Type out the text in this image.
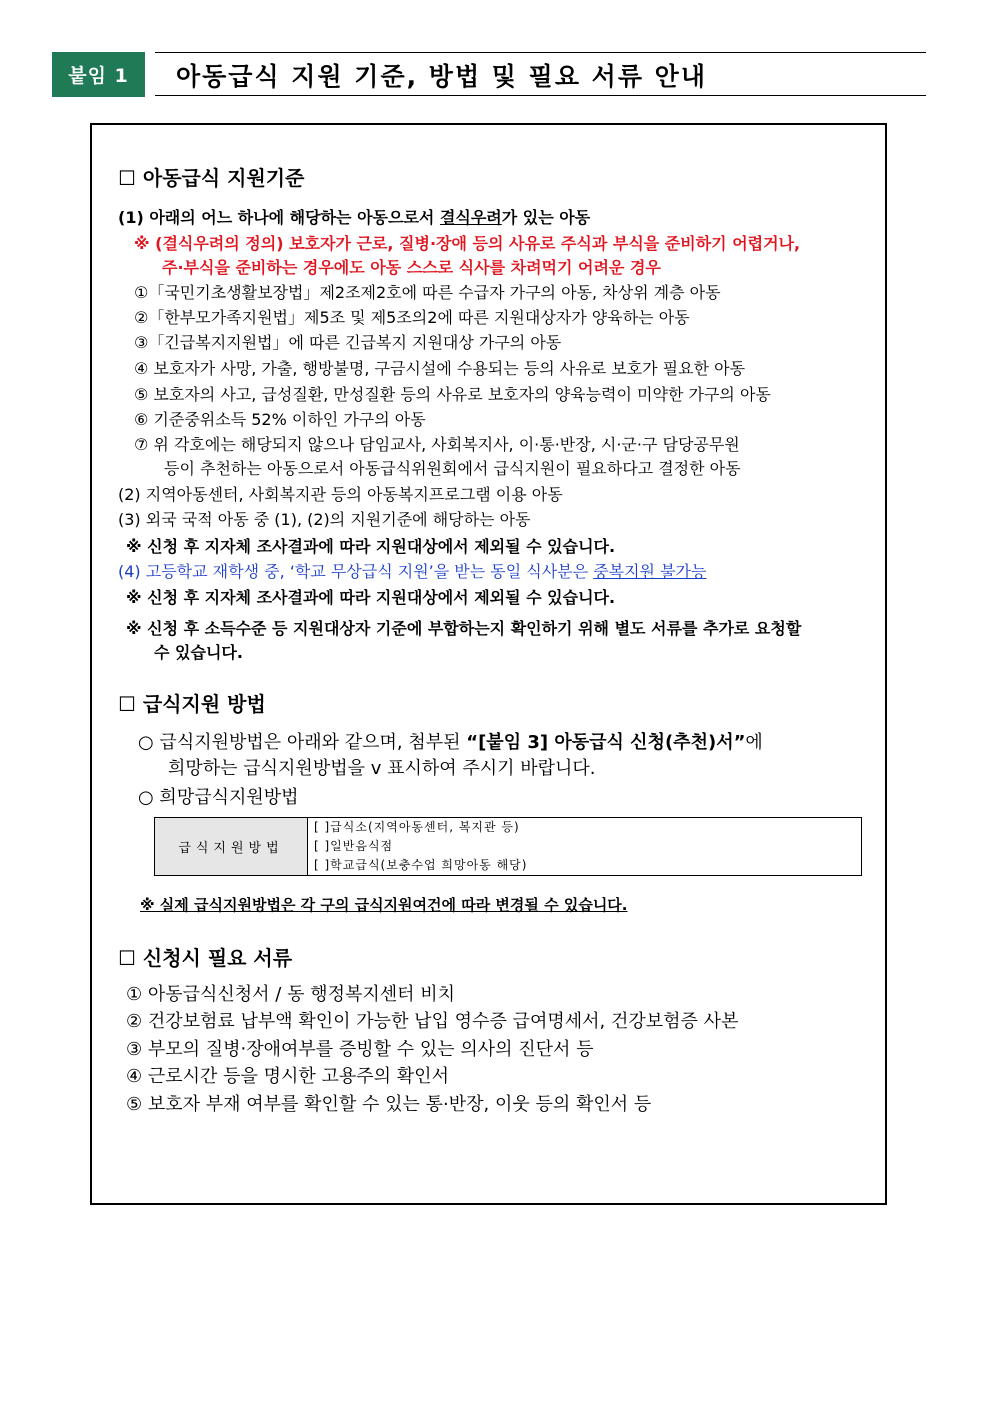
붙임 1	아동급식 지원 기준, 방법 및 필요 서류 안내
☐ 아동급식 지원기준
(1) 아래의 어느 하나에 해당하는 아동으로서 결식우려가 있는 아동
※ (결식우려의 정의) 보호자가 근로, 질병·장애 등의 사유로 주식과 부식을 준비하기 어렵거나,
주·부식을 준비하는 경우에도 아동 스스로 식사를 차려먹기 어려운 경우
①「국민기초생활보장법」제2조제2호에 따른 수급자 가구의 아동, 차상위 계층 아동
②「한부모가족지원법」제5조 및 제5조의2에 따른 지원대상자가 양육하는 아동
③「긴급복지지원법」에 따른 긴급복지 지원대상 가구의 아동
④ 보호자가 사망, 가출, 행방불명, 구금시설에 수용되는 등의 사유로 보호가 필요한 아동
⑤ 보호자의 사고, 급성질환, 만성질환 등의 사유로 보호자의 양육능력이 미약한 가구의 아동
⑥ 기준중위소득 52% 이하인 가구의 아동
⑦ 위 각호에는 해당되지 않으나 담임교사, 사회복지사, 이·통·반장, 시·군·구 담당공무원
등이 추천하는 아동으로서 아동급식위원회에서 급식지원이 필요하다고 결정한 아동
(2) 지역아동센터, 사회복지관 등의 아동복지프로그램 이용 아동
(3) 외국 국적 아동 중 (1), (2)의 지원기준에 해당하는 아동
※ 신청 후 지자체 조사결과에 따라 지원대상에서 제외될 수 있습니다.
(4) 고등학교 재학생 중, ‘학교 무상급식 지원’을 받는 동일 식사분은 중복지원 불가능
※ 신청 후 지자체 조사결과에 따라 지원대상에서 제외될 수 있습니다.
※ 신청 후 소득수준 등 지원대상자 기준에 부합하는지 확인하기 위해 별도 서류를 추가로 요청할
수 있습니다.
☐ 급식지원 방법
○ 급식지원방법은 아래와 같으며, 첨부된 “[붙임 3] 아동급식 신청(추천)서”에
희망하는 급식지원방법을 v 표시하여 주시기 바랍니다.
○ 희망급식지원방법
급식지원방법	
[ ]급식소(지역아동센터, 복지관 등)
[ ]일반음식점
[ ]학교급식(보충수업 희망아동 해당)
※ 실제 급식지원방법은 각 구의 급식지원여건에 따라 변경될 수 있습니다.
☐ 신청시 필요 서류
① 아동급식신청서 / 동 행정복지센터 비치
② 건강보험료 납부액 확인이 가능한 납입 영수증 급여명세서, 건강보험증 사본
③ 부모의 질병‧장애여부를 증빙할 수 있는 의사의 진단서 등
④ 근로시간 등을 명시한 고용주의 확인서
⑤ 보호자 부재 여부를 확인할 수 있는 통·반장, 이웃 등의 확인서 등
